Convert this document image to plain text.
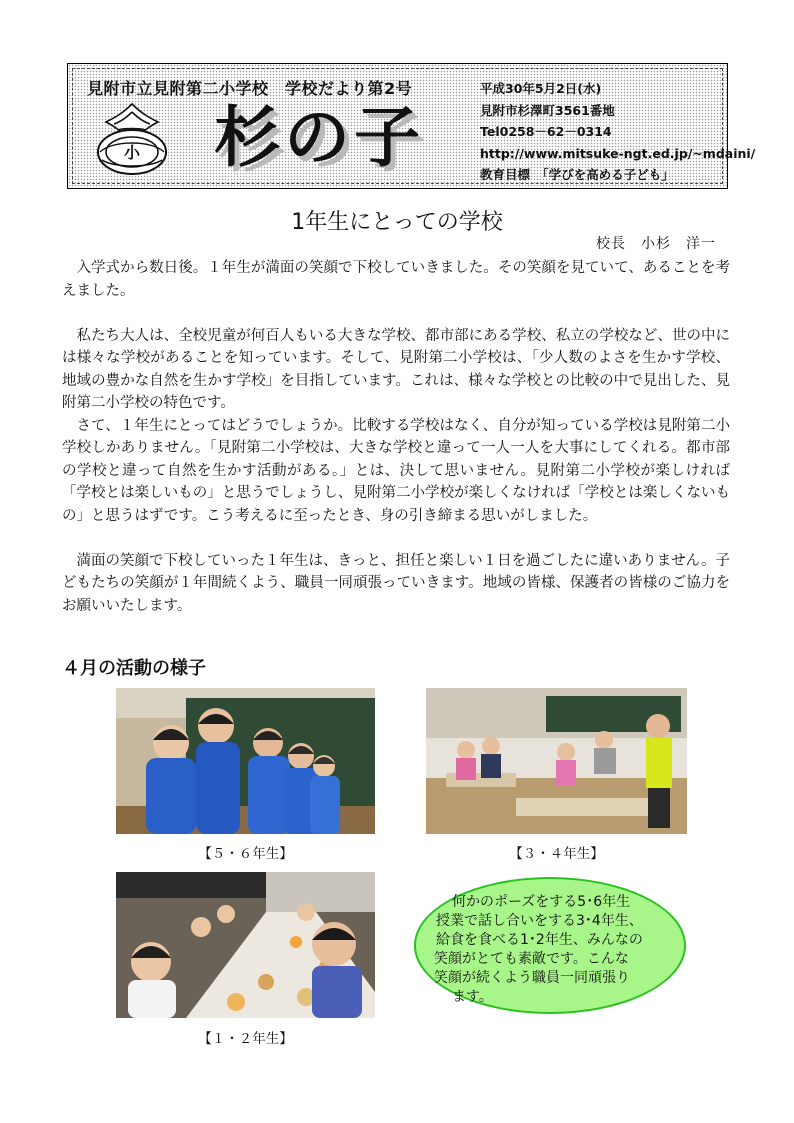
見附市立見附第二小学校　学校だより第2号
小 杉の子
平成30年5月2日(水)
見附市杉澤町3561番地
Tel0258－62－0314
http://www.mitsuke-ngt.ed.jp/~mdaini/
教育目標　「学びを高める子ども」
1年生にとっての学校
校長　小杉　洋一

入学式から数日後。１年生が満面の笑顔で下校していきました。その笑顔を見ていて、あることを考えました。

私たち大人は、全校児童が何百人もいる大きな学校、都市部にある学校、私立の学校など、世の中には様々な学校があることを知っています。そして、見附第二小学校は、「少人数のよさを生かす学校、地域の豊かな自然を生かす学校」を目指しています。これは、様々な学校との比較の中で見出した、見附第二小学校の特色です。

さて、１年生にとってはどうでしょうか。比較する学校はなく、自分が知っている学校は見附第二小学校しかありません。「見附第二小学校は、大きな学校と違って一人一人を大事にしてくれる。都市部の学校と違って自然を生かす活動がある。」とは、決して思いません。見附第二小学校が楽しければ「学校とは楽しいもの」と思うでしょうし、見附第二小学校が楽しくなければ「学校とは楽しくないもの」と思うはずです。こう考えるに至ったとき、身の引き締まる思いがしました。

満面の笑顔で下校していった１年生は、きっと、担任と楽しい１日を過ごしたに違いありません。子どもたちの笑顔が１年間続くよう、職員一同頑張っていきます。地域の皆様、保護者の皆様のご協力をお願いいたします。

４月の活動の様子
【５・６年生】	【３・４年生】
【１・２年生】
何かのポーズをする5･6年生
授業で話し合いをする3･4年生、
給食を食べる1･2年生、みんなの
笑顔がとても素敵です。こんな
笑顔が続くよう職員一同頑張り
ます。
